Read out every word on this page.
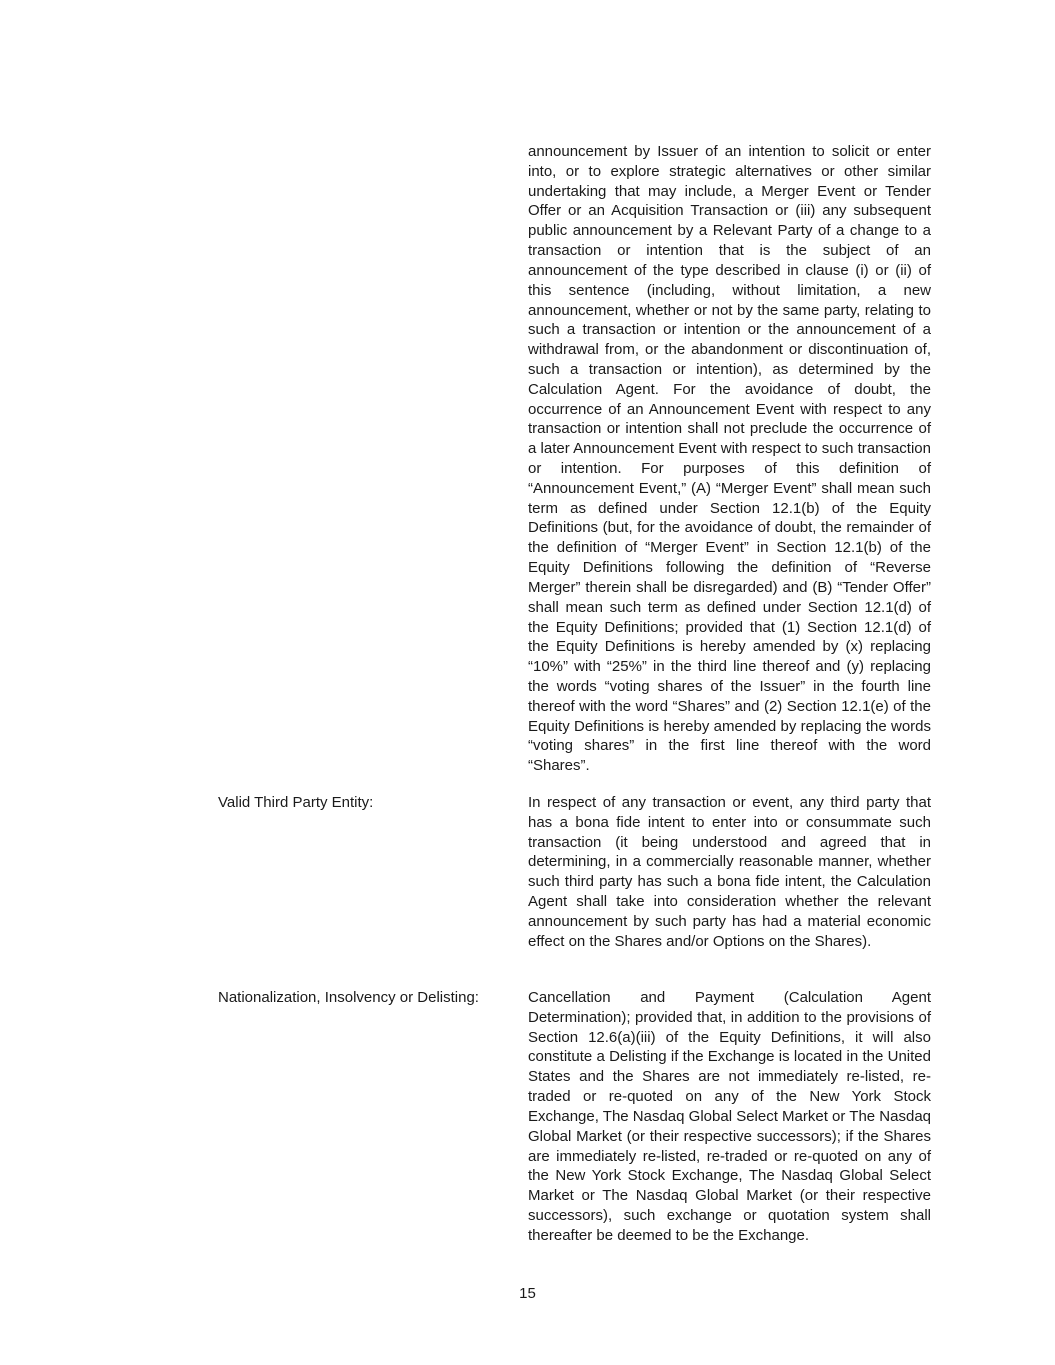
announcement by Issuer of an intention to solicit or enter into, or to explore strategic alternatives or other similar undertaking that may include, a Merger Event or Tender Offer or an Acquisition Transaction or (iii) any subsequent public announcement by a Relevant Party of a change to a transaction or intention that is the subject of an announcement of the type described in clause (i) or (ii) of this sentence (including, without limitation, a new announcement, whether or not by the same party, relating to such a transaction or intention or the announcement of a withdrawal from, or the abandonment or discontinuation of, such a transaction or intention), as determined by the Calculation Agent. For the avoidance of doubt, the occurrence of an Announcement Event with respect to any transaction or intention shall not preclude the occurrence of a later Announcement Event with respect to such transaction or intention. For purposes of this definition of “Announcement Event,” (A) “Merger Event” shall mean such term as defined under Section 12.1(b) of the Equity Definitions (but, for the avoidance of doubt, the remainder of the definition of “Merger Event” in Section 12.1(b) of the Equity Definitions following the definition of “Reverse Merger” therein shall be disregarded) and (B) “Tender Offer” shall mean such term as defined under Section 12.1(d) of the Equity Definitions; provided that (1) Section 12.1(d) of the Equity Definitions is hereby amended by (x) replacing “10%” with “25%” in the third line thereof and (y) replacing the words “voting shares of the Issuer” in the fourth line thereof with the word “Shares” and (2) Section 12.1(e) of the Equity Definitions is hereby amended by replacing the words “voting shares” in the first line thereof with the word “Shares”.

Valid Third Party Entity:	In respect of any transaction or event, any third party that has a bona fide intent to enter into or consummate such transaction (it being understood and agreed that in determining, in a commercially reasonable manner, whether such third party has such a bona fide intent, the Calculation Agent shall take into consideration whether the relevant announcement by such party has had a material economic effect on the Shares and/or Options on the Shares).

Nationalization, Insolvency or Delisting:	Cancellation and Payment (Calculation Agent Determination); provided that, in addition to the provisions of Section 12.6(a)(iii) of the Equity Definitions, it will also constitute a Delisting if the Exchange is located in the United States and the Shares are not immediately re-listed, re-traded or re-quoted on any of the New York Stock Exchange, The Nasdaq Global Select Market or The Nasdaq Global Market (or their respective successors); if the Shares are immediately re-listed, re-traded or re-quoted on any of the New York Stock Exchange, The Nasdaq Global Select Market or The Nasdaq Global Market (or their respective successors), such exchange or quotation system shall thereafter be deemed to be the Exchange.

15
